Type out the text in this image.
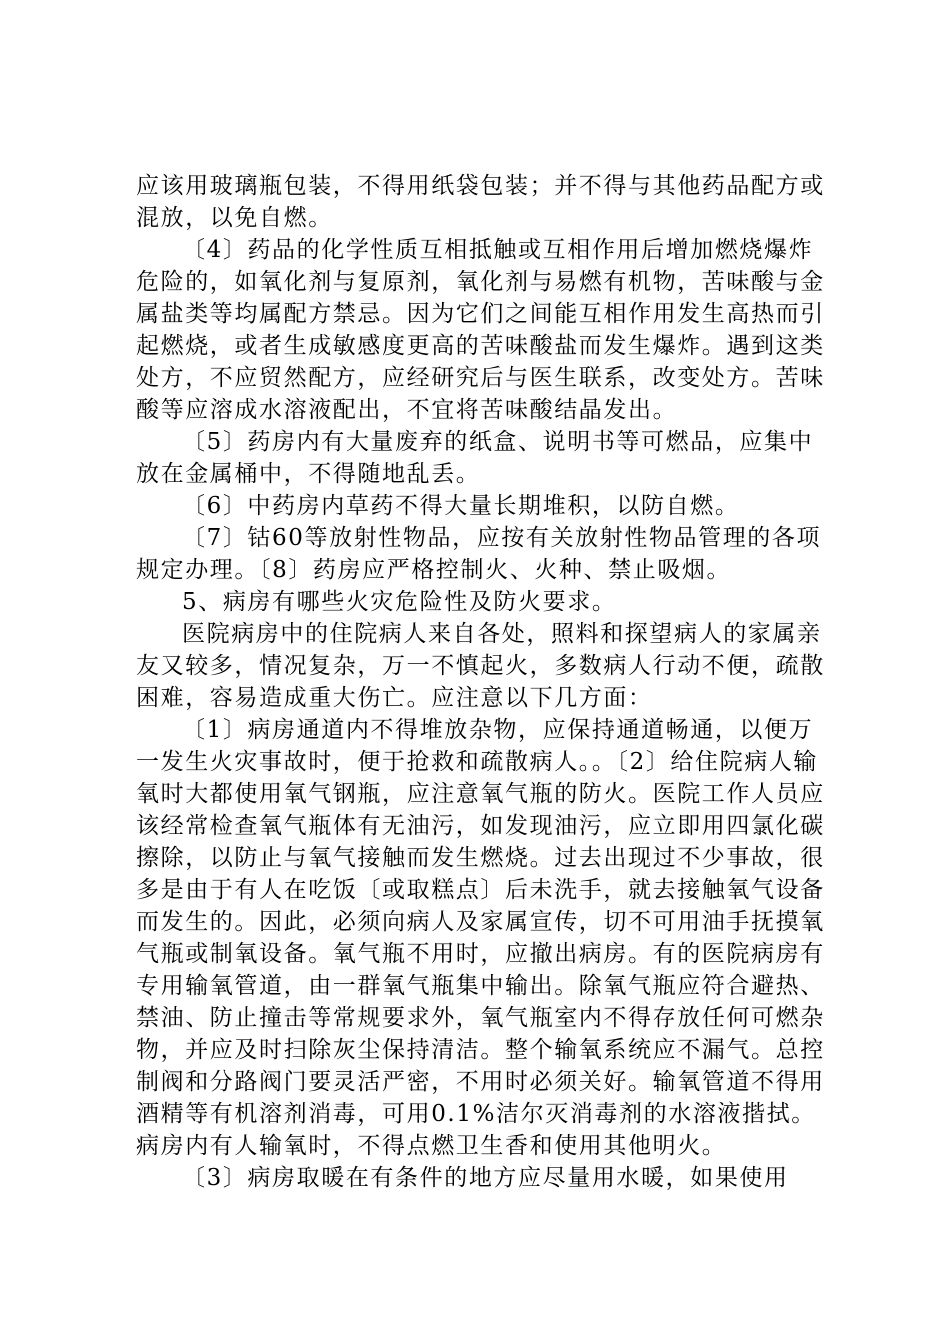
应该用玻璃瓶包装，不得用纸袋包装；并不得与其他药品配方或混放，以免自燃。

〔4〕药品的化学性质互相抵触或互相作用后增加燃烧爆炸危险的，如氧化剂与复原剂，氧化剂与易燃有机物，苦味酸与金属盐类等均属配方禁忌。因为它们之间能互相作用发生高热而引起燃烧，或者生成敏感度更高的苦味酸盐而发生爆炸。遇到这类处方，不应贸然配方，应经研究后与医生联系，改变处方。苦味酸等应溶成水溶液配出，不宜将苦味酸结晶发出。

〔5〕药房内有大量废弃的纸盒、说明书等可燃品，应集中放在金属桶中，不得随地乱丢。

〔6〕中药房内草药不得大量长期堆积，以防自燃。

〔7〕钴60等放射性物品，应按有关放射性物品管理的各项规定办理。〔8〕药房应严格控制火、火种、禁止吸烟。

5、病房有哪些火灾危险性及防火要求。

医院病房中的住院病人来自各处，照料和探望病人的家属亲友又较多，情况复杂，万一不慎起火，多数病人行动不便，疏散困难，容易造成重大伤亡。应注意以下几方面：

〔1〕病房通道内不得堆放杂物，应保持通道畅通，以便万一发生火灾事故时，便于抢救和疏散病人。。〔2〕给住院病人输氧时大都使用氧气钢瓶，应注意氧气瓶的防火。医院工作人员应该经常检查氧气瓶体有无油污，如发现油污，应立即用四氯化碳擦除，以防止与氧气接触而发生燃烧。过去出现过不少事故，很多是由于有人在吃饭〔或取糕点〕后未洗手，就去接触氧气设备而发生的。因此，必须向病人及家属宣传，切不可用油手抚摸氧气瓶或制氧设备。氧气瓶不用时，应撤出病房。有的医院病房有专用输氧管道，由一群氧气瓶集中输出。除氧气瓶应符合避热、禁油、防止撞击等常规要求外，氧气瓶室内不得存放任何可燃杂物，并应及时扫除灰尘保持清洁。整个输氧系统应不漏气。总控制阀和分路阀门要灵活严密，不用时必须关好。输氧管道不得用酒精等有机溶剂消毒，可用0.1%洁尔灭消毒剂的水溶液揩拭。病房内有人输氧时，不得点燃卫生香和使用其他明火。

〔3〕病房取暖在有条件的地方应尽量用水暖，如果使用
